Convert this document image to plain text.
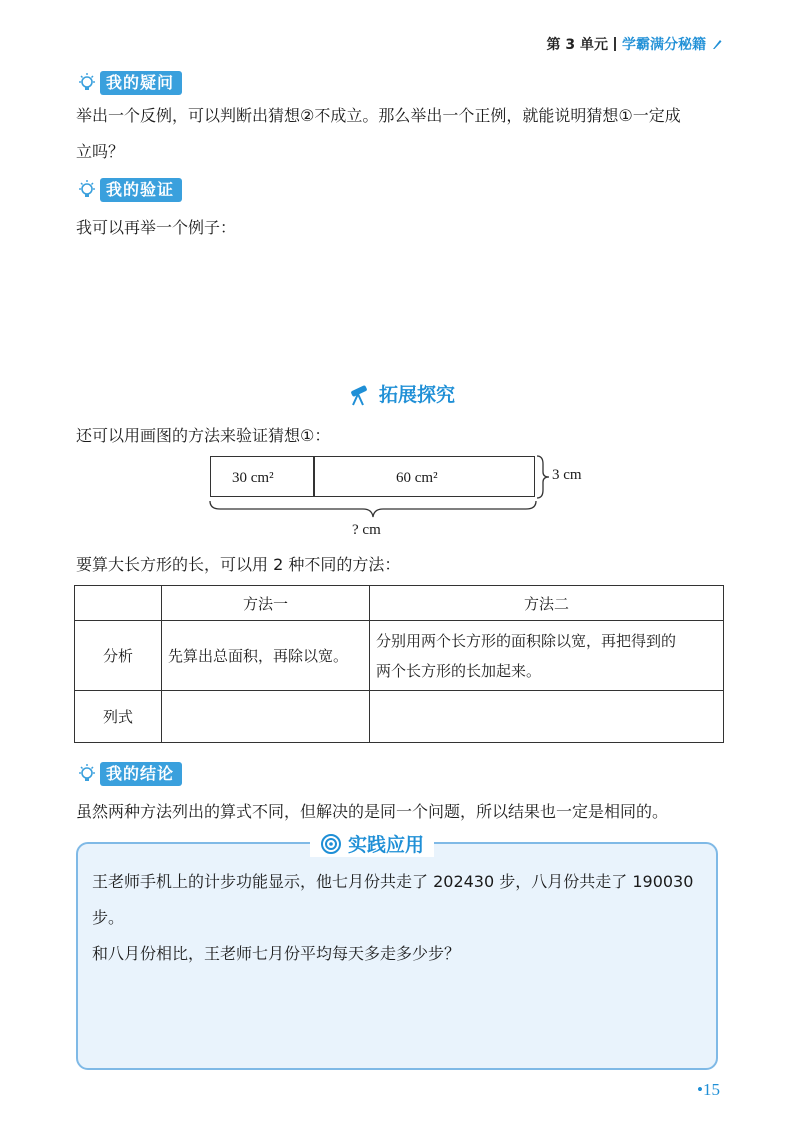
第 3 单元 学霸满分秘籍
我的疑问
举出一个反例，可以判断出猜想②不成立。那么举出一个正例，就能说明猜想①一定成
立吗？
我的验证
我可以再举一个例子：
拓展探究
还可以用画图的方法来验证猜想①：
30 cm²	60 cm²	3 cm
? cm
要算大长方形的长，可以用 2 种不同的方法：
	方法一	方法二
分析	先算出总面积，再除以宽。	分别用两个长方形的面积除以宽，再把得到的
两个长方形的长加起来。

列式		
我的结论
虽然两种方法列出的算式不同，但解决的是同一个问题，所以结果也一定是相同的。
实践应用
王老师手机上的计步功能显示，他七月份共走了 202430 步，八月份共走了 190030 步。
和八月份相比，王老师七月份平均每天多走多少步？
•15
